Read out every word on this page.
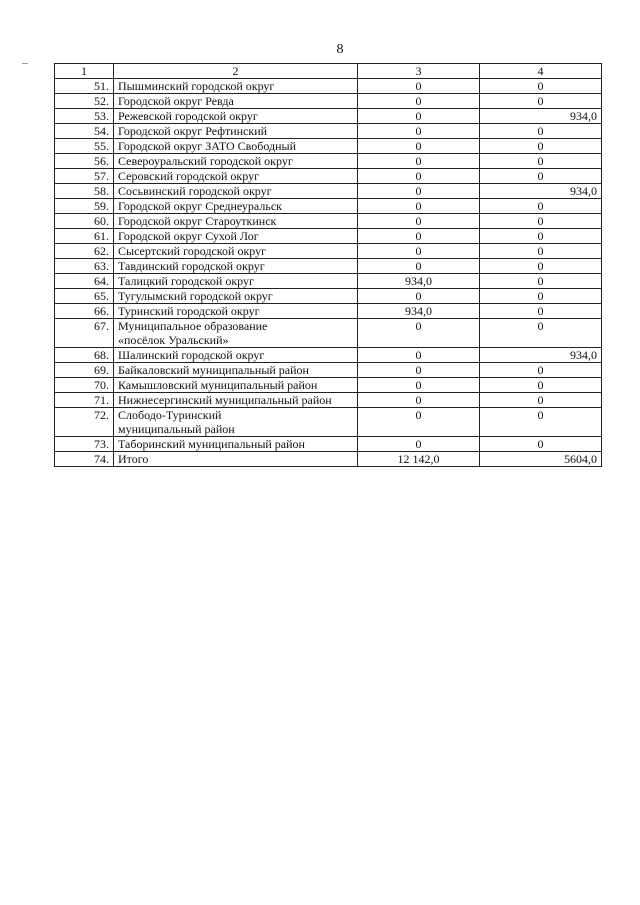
8
1	2	3	4
51.	Пышминский городской округ	0	0
52.	Городской округ Ревда	0	0
53.	Режевской городской округ	0	934,0
54.	Городской округ Рефтинский	0	0
55.	Городской округ ЗАТО Свободный	0	0
56.	Североуральский городской округ	0	0
57.	Серовский городской округ	0	0
58.	Сосьвинский городской округ	0	934,0
59.	Городской округ Среднеуральск	0	0
60.	Городской округ Староуткинск	0	0
61.	Городской округ Сухой Лог	0	0
62.	Сысертский городской округ	0	0
63.	Тавдинский городской округ	0	0
64.	Талицкий городской округ	934,0	0
65.	Тугулымский городской округ	0	0
66.	Туринский городской округ	934,0	0
67.	Муниципальное образование
«посёлок Уральский»	0	0
68.	Шалинский городской округ	0	934,0
69.	Байкаловский муниципальный район	0	0
70.	Камышловский муниципальный район	0	0
71.	Нижнесергинский муниципальный район	0	0
72.	Слободо-Туринский
муниципальный район	0	0
73.	Таборинский муниципальный район	0	0
74.	Итого	12 142,0	5604,0
